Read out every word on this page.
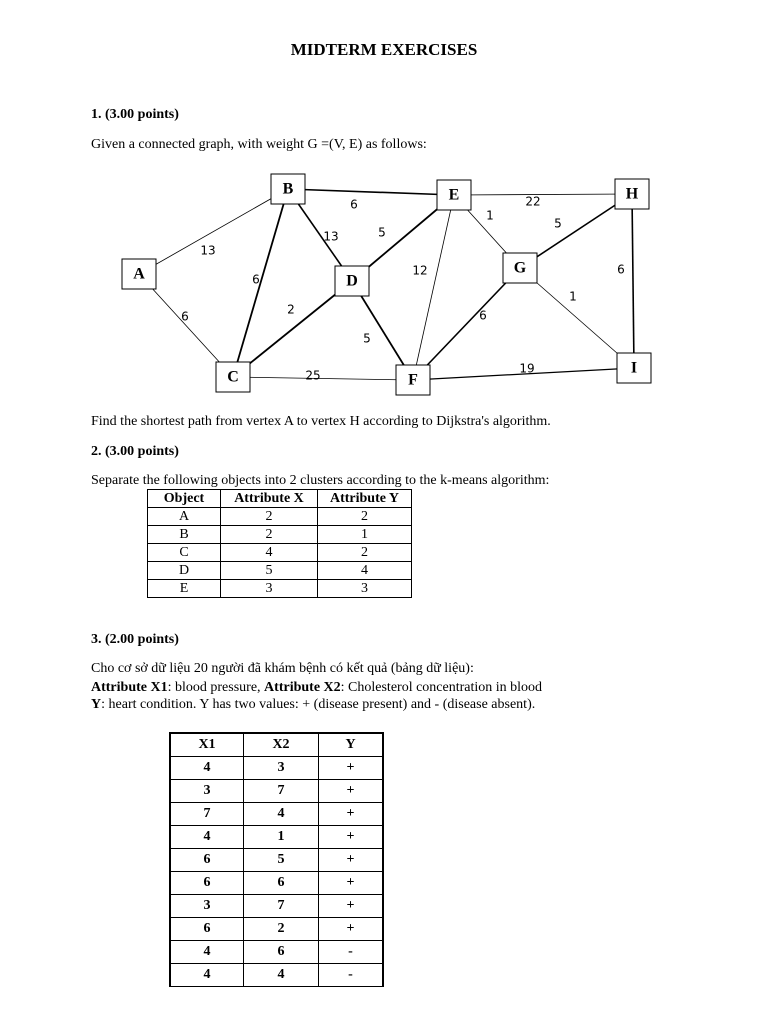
MIDTERM EXERCISES
1. (3.00 points)
Given a connected graph, with weight G =(V, E) as follows:
13
6
6
13
6
2
25
5
5
12
1
22
6
19
5
1
6
A
B
C
D
E
F
G
H
I
Find the shortest path from vertex A to vertex H according to Dijkstra's algorithm.
2. (3.00 points)
Separate the following objects into 2 clusters according to the k-means algorithm:
Object	Attribute X	Attribute Y
A	2	2
B	2	1
C	4	2
D	5	4
E	3	3
3. (2.00 points)
Cho cơ sở dữ liệu 20 người đã khám bệnh có kết quả (bảng dữ liệu):
Attribute X1: blood pressure, Attribute X2: Cholesterol concentration in blood
Y: heart condition. Y has two values: + (disease present) and - (disease absent).
X1	X2	Y
4	3	+
3	7	+
7	4	+
4	1	+
6	5	+
6	6	+
3	7	+
6	2	+
4	6	-
4	4	-
